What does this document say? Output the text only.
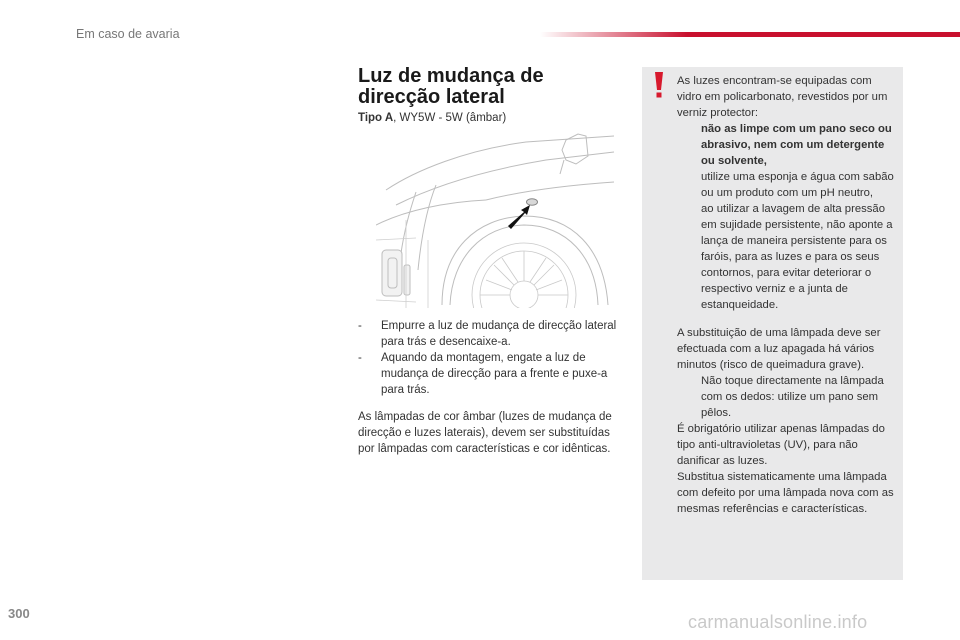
Em caso de avaria
Luz de mudança de direcção lateral
Tipo A, WY5W - 5W (âmbar)

- Empurre a luz de mudança de direcção lateral para trás e desencaixe-a.

- Aquando da montagem, engate a luz de mudança de direcção para a frente e puxe-a para trás.

As lâmpadas de cor âmbar (luzes de mudança de direcção e luzes laterais), devem ser substituídas por lâmpadas com características e cor idênticas.

As luzes encontram-se equipadas com vidro em policarbonato, revestidos por um verniz protector:

não as limpe com um pano seco ou abrasivo, nem com um detergente ou solvente,

utilize uma esponja e água com sabão ou um produto com um pH neutro,

ao utilizar a lavagem de alta pressão em sujidade persistente, não aponte a lança de maneira persistente para os faróis, para as luzes e para os seus contornos, para evitar deteriorar o respectivo verniz e a junta de estanqueidade.

A substituição de uma lâmpada deve ser efectuada com a luz apagada há vários minutos (risco de queimadura grave).

Não toque directamente na lâmpada com os dedos: utilize um pano sem pêlos.

É obrigatório utilizar apenas lâmpadas do tipo anti-ultravioletas (UV), para não danificar as luzes.

Substitua sistematicamente uma lâmpada com defeito por uma lâmpada nova com as mesmas referências e características.

300	carmanualsonline.info
